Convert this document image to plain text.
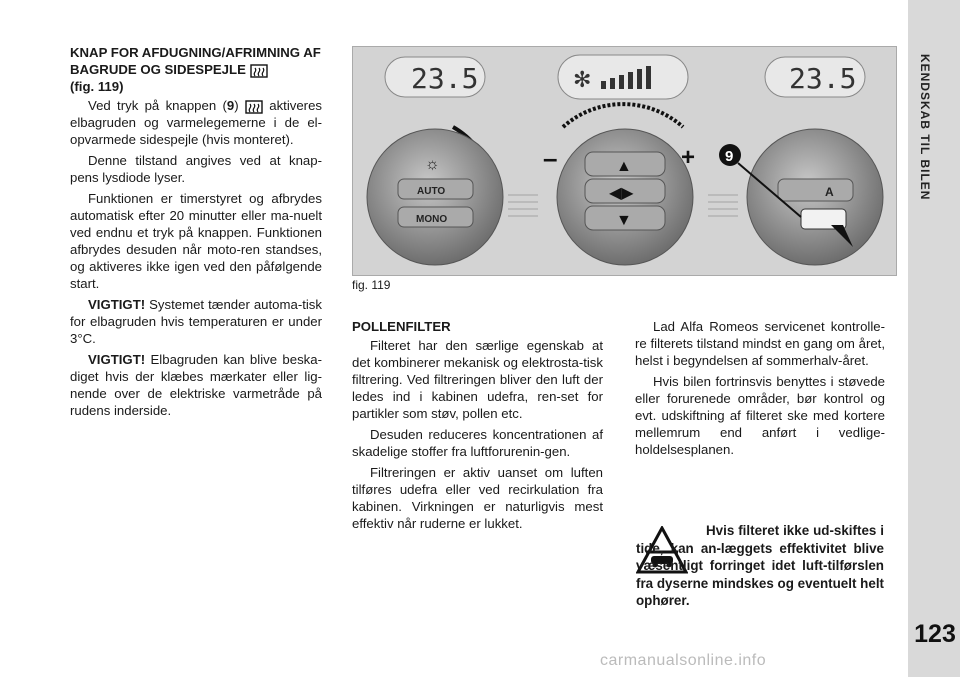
KENDSKAB TIL BILEN
123
KNAP FOR AFDUGNING/AFRIMNING AF BAGRUDE OG SIDESPEJLE
(fig. 119)

Ved tryk på knappen (9)  aktiveres elbagruden og varmelegemerne i de el-opvarmede sidespejle (hvis monteret).

Denne tilstand angives ved at knap-pens lysdiode lyser.

Funktionen er timerstyret og afbrydes automatisk efter 20 minutter eller ma-nuelt ved endnu et tryk på knappen. Funktionen afbrydes desuden når moto-ren standses, og aktiveres ikke igen ved den påfølgende start.

VIGTIGT! Systemet tænder automa-tisk for elbagruden hvis temperaturen er under 3°C.

VIGTIGT! Elbagruden kan blive beska-diget hvis der klæbes mærkater eller lig-nende over de elektriske varmetråde på rudens inderside.

23.5	23.5
✻
–	+
AUTO
MONO
☼	▲
◀▶
▼
A
9
fig. 119
POLLENFILTER

Filteret har den særlige egenskab at det kombinerer mekanisk og elektrosta-tisk filtrering. Ved filtreringen bliver den luft der ledes ind i kabinen udefra, ren-set for partikler som støv, pollen etc.

Desuden reduceres koncentrationen af skadelige stoffer fra luftforurenin-gen.

Filtreringen er aktiv uanset om luften tilføres udefra eller ved recirkulation fra kabinen. Virkningen er naturligvis mest effektiv når ruderne er lukket.

Lad Alfa Romeos servicenet kontrolle-re filterets tilstand mindst en gang om året, helst i begyndelsen af sommerhalv-året.

Hvis bilen fortrinsvis benyttes i støvede eller forurenede områder, bør kontrol og evt. udskiftning af filteret ske med kortere mellemrum end anført i vedlige-holdelsesplanen.

Hvis filteret ikke ud-skiftes i tide, kan an-læggets effektivitet blive væsentligt forringet idet luft-tilførslen fra dyserne mindskes og eventuelt helt ophører.
carmanualsonline.info
